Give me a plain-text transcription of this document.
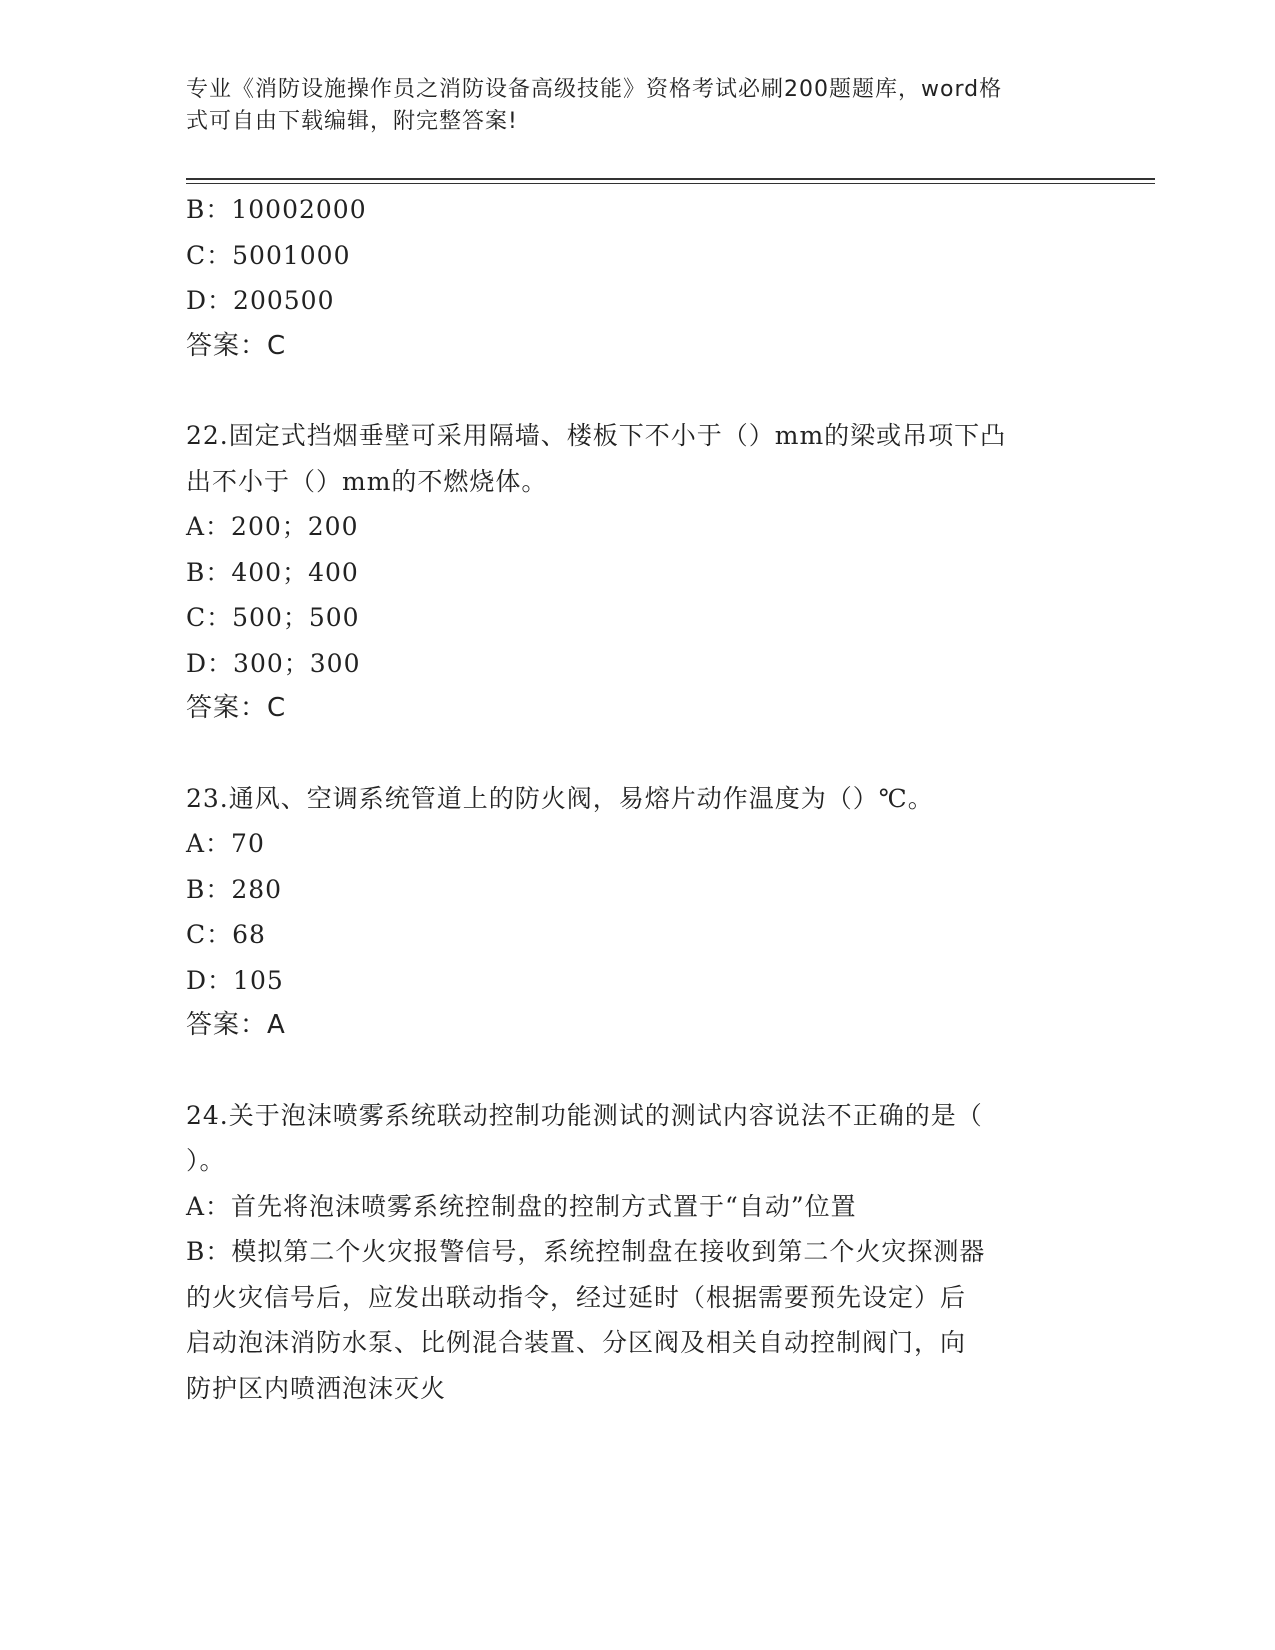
专业《消防设施操作员之消防设备高级技能》资格考试必刷200题题库，word格
式可自由下载编辑，附完整答案!
B：10002000
C：5001000
D：200500
答案：C
22.固定式挡烟垂壁可采用隔墙、楼板下不小于（）mm的梁或吊项下凸
出不小于（）mm的不燃烧体。
A：200；200
B：400；400
C：500；500
D：300；300
答案：C
23.通风、空调系统管道上的防火阀，易熔片动作温度为（）℃。
A：70
B：280
C：68
D：105
答案：A
24.关于泡沫喷雾系统联动控制功能测试的测试内容说法不正确的是（
）。
A：首先将泡沫喷雾系统控制盘的控制方式置于“自动”位置
B：模拟第二个火灾报警信号，系统控制盘在接收到第二个火灾探测器
的火灾信号后，应发出联动指令，经过延时（根据需要预先设定）后
启动泡沫消防水泵、比例混合装置、分区阀及相关自动控制阀门，向
防护区内喷洒泡沫灭火
